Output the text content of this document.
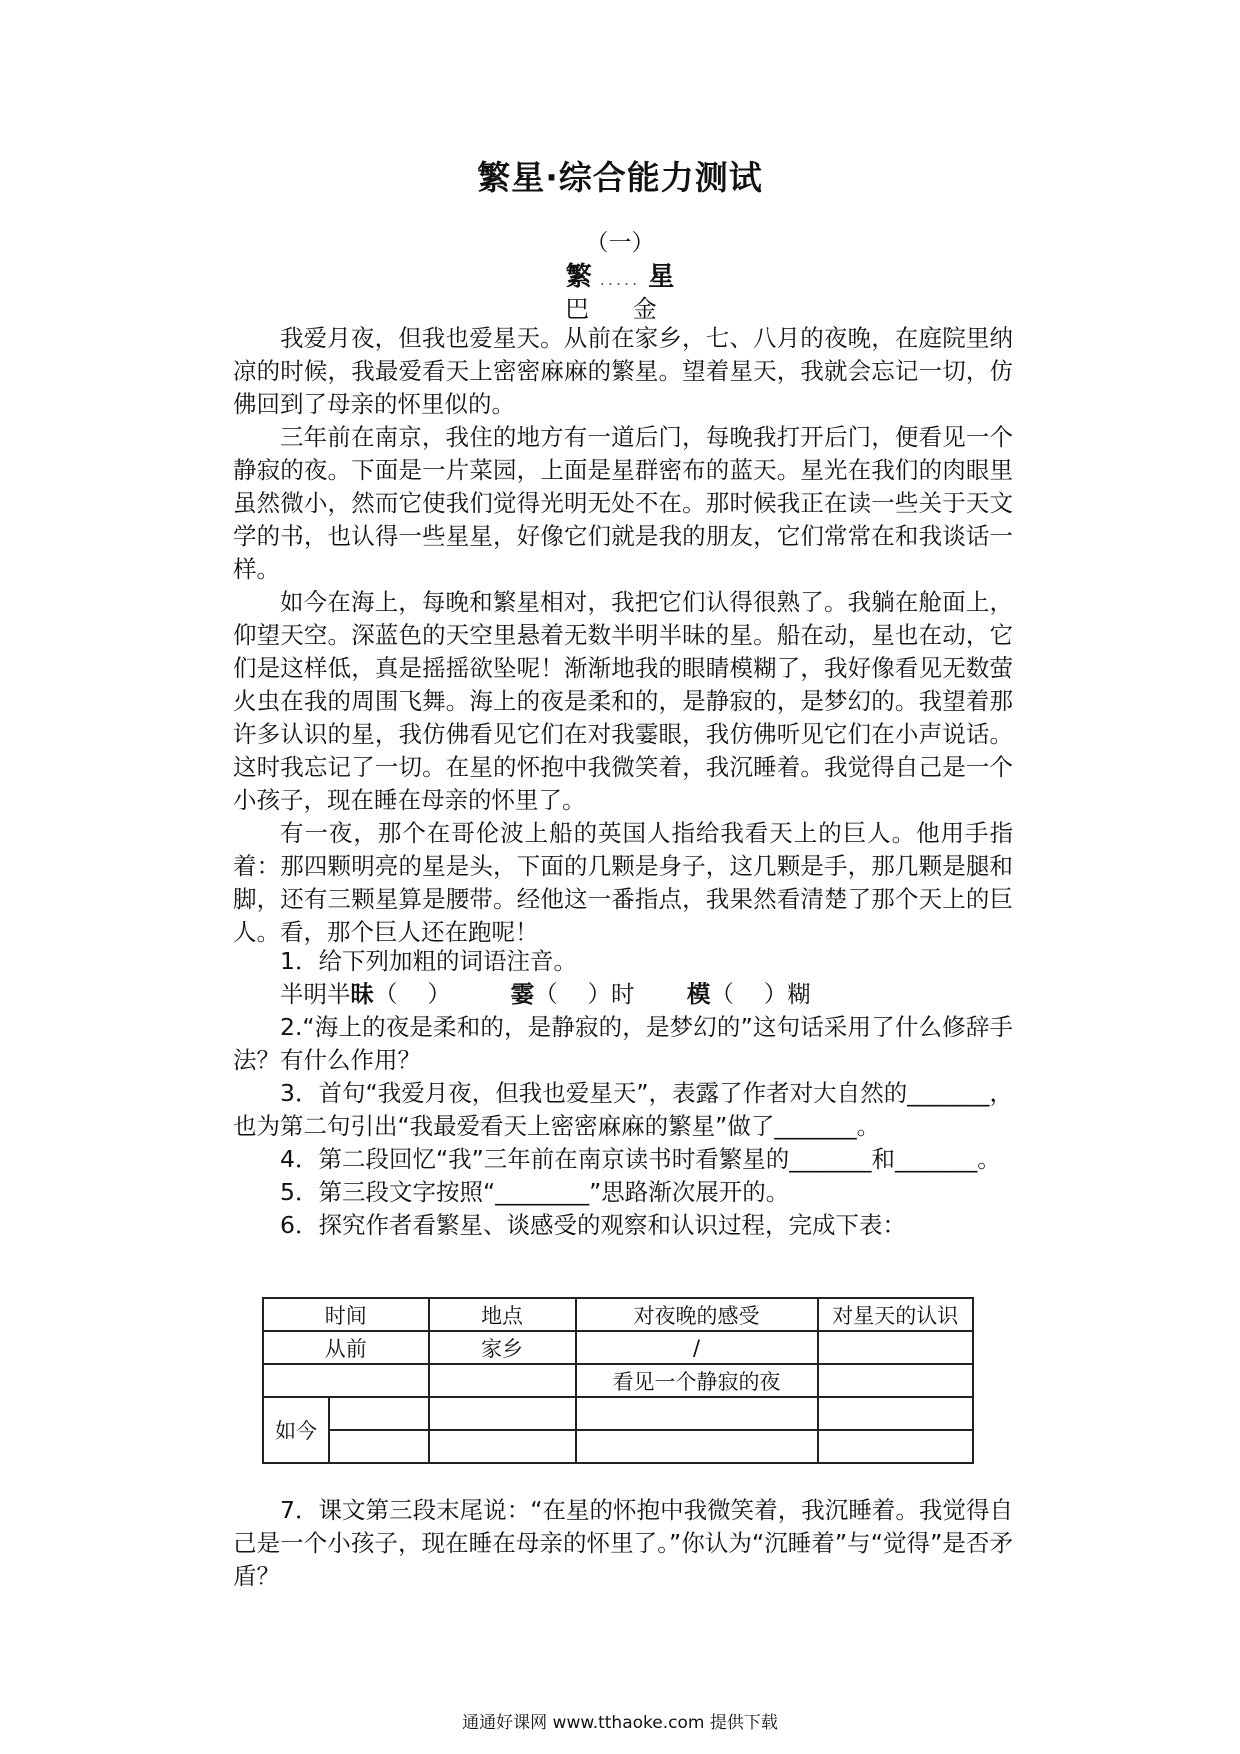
繁星·综合能力测试
（一）
繁 ..... 星
巴 金

我爱月夜，但我也爱星天。从前在家乡，七、八月的夜晚，在庭院里纳凉的时候，我最爱看天上密密麻麻的繁星。望着星天，我就会忘记一切，仿佛回到了母亲的怀里似的。

三年前在南京，我住的地方有一道后门，每晚我打开后门，便看见一个静寂的夜。下面是一片菜园，上面是星群密布的蓝天。星光在我们的肉眼里虽然微小，然而它使我们觉得光明无处不在。那时候我正在读一些关于天文学的书，也认得一些星星，好像它们就是我的朋友，它们常常在和我谈话一样。

如今在海上，每晚和繁星相对，我把它们认得很熟了。我躺在舱面上，仰望天空。深蓝色的天空里悬着无数半明半昧的星。船在动，星也在动，它们是这样低，真是摇摇欲坠呢！渐渐地我的眼睛模糊了，我好像看见无数萤火虫在我的周围飞舞。海上的夜是柔和的，是静寂的，是梦幻的。我望着那许多认识的星，我仿佛看见它们在对我霎眼，我仿佛听见它们在小声说话。这时我忘记了一切。在星的怀抱中我微笑着，我沉睡着。我觉得自己是一个小孩子，现在睡在母亲的怀里了。

有一夜，那个在哥伦波上船的英国人指给我看天上的巨人。他用手指着：那四颗明亮的星是头，下面的几颗是身子，这几颗是手，那几颗是腿和脚，还有三颗星算是腰带。经他这一番指点，我果然看清楚了那个天上的巨人。看，那个巨人还在跑呢！

1．给下列加粗的词语注音。

半明半昧（    ）	霎（    ）时 模（    ）糊

2.“海上的夜是柔和的，是静寂的，是梦幻的”这句话采用了什么修辞手法？有什么作用？

3．首句“我爱月夜，但我也爱星天”，表露了作者对大自然的_______，也为第二句引出“我最爱看天上密密麻麻的繁星”做了_______。

4．第二段回忆“我”三年前在南京读书时看繁星的_______和_______。

5．第三段文字按照“________”思路渐次展开的。

6．探究作者看繁星、谈感受的观察和认识过程，完成下表：

时间		地点	对夜晚的感受	对星天的认识
从前		家乡	/	
			看见一个静寂的夜	
如今				

7．课文第三段末尾说：“在星的怀抱中我微笑着，我沉睡着。我觉得自己是一个小孩子，现在睡在母亲的怀里了。”你认为“沉睡着”与“觉得”是否矛盾？

通通好课网 www.tthaoke.com 提供下载
